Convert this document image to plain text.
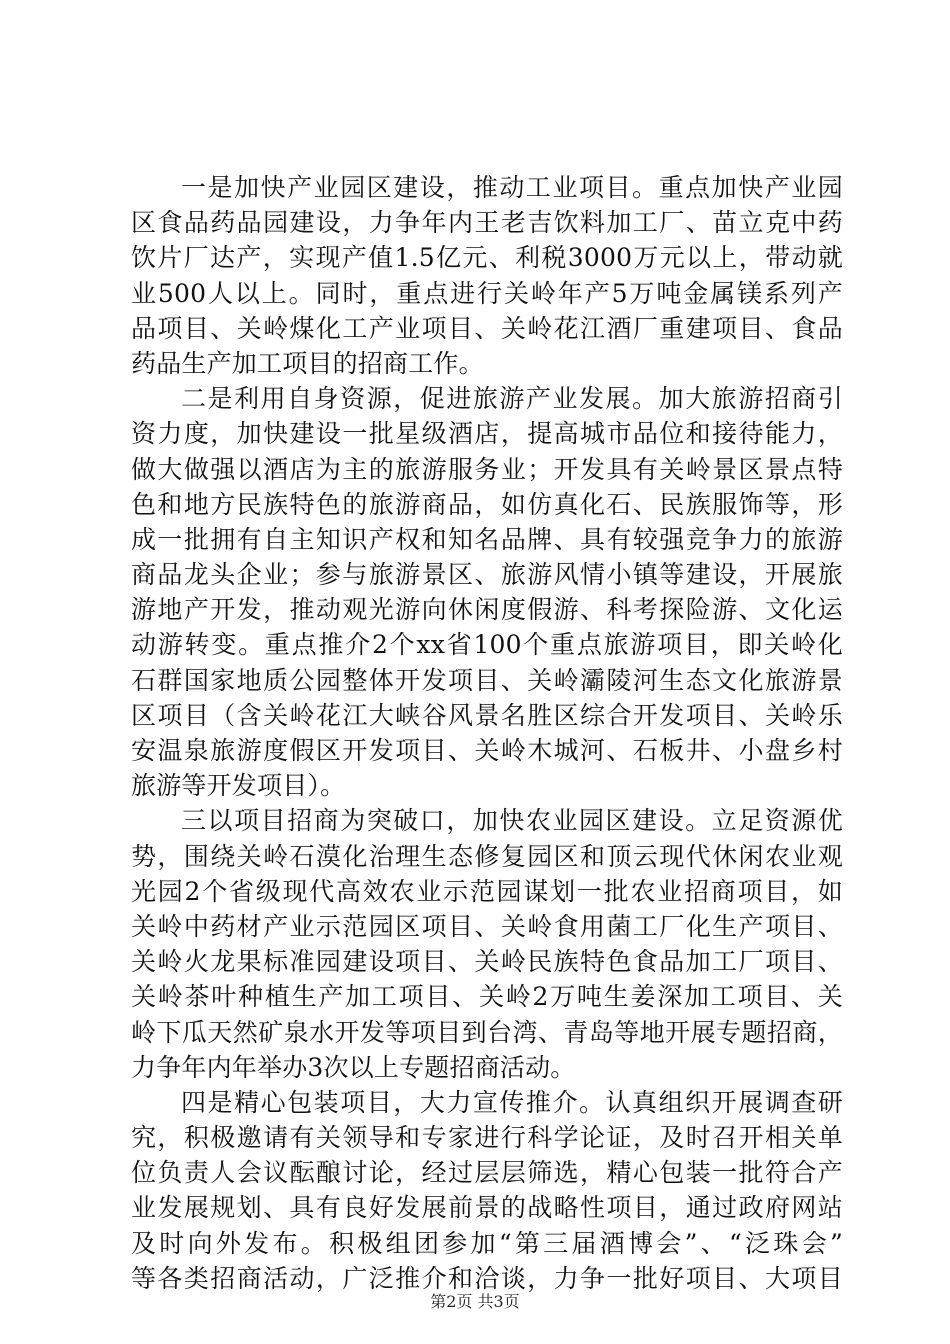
一是加快产业园区建设，推动工业项目。重点加快产业园
区食品药品园建设，力争年内王老吉饮料加工厂、苗立克中药
饮片厂达产，实现产值1.5亿元、利税3000万元以上，带动就
业500人以上。同时，重点进行关岭年产5万吨金属镁系列产
品项目、关岭煤化工产业项目、关岭花江酒厂重建项目、食品
药品生产加工项目的招商工作。
二是利用自身资源，促进旅游产业发展。加大旅游招商引
资力度，加快建设一批星级酒店，提高城市品位和接待能力，
做大做强以酒店为主的旅游服务业；开发具有关岭景区景点特
色和地方民族特色的旅游商品，如仿真化石、民族服饰等，形
成一批拥有自主知识产权和知名品牌、具有较强竞争力的旅游
商品龙头企业；参与旅游景区、旅游风情小镇等建设，开展旅
游地产开发，推动观光游向休闲度假游、科考探险游、文化运
动游转变。重点推介2个xx省100个重点旅游项目，即关岭化
石群国家地质公园整体开发项目、关岭灞陵河生态文化旅游景
区项目（含关岭花江大峡谷风景名胜区综合开发项目、关岭乐
安温泉旅游度假区开发项目、关岭木城河、石板井、小盘乡村
旅游等开发项目）。
三以项目招商为突破口，加快农业园区建设。立足资源优
势，围绕关岭石漠化治理生态修复园区和顶云现代休闲农业观
光园2个省级现代高效农业示范园谋划一批农业招商项目，如
关岭中药材产业示范园区项目、关岭食用菌工厂化生产项目、
关岭火龙果标准园建设项目、关岭民族特色食品加工厂项目、
关岭茶叶种植生产加工项目、关岭2万吨生姜深加工项目、关
岭下瓜天然矿泉水开发等项目到台湾、青岛等地开展专题招商，
力争年内年举办3次以上专题招商活动。
四是精心包装项目，大力宣传推介。认真组织开展调查研
究，积极邀请有关领导和专家进行科学论证，及时召开相关单
位负责人会议酝酿讨论，经过层层筛选，精心包装一批符合产
业发展规划、具有良好发展前景的战略性项目，通过政府网站
及时向外发布。积极组团参加“第三届酒博会”、“泛珠会”
等各类招商活动，广泛推介和洽谈，力争一批好项目、大项目
第2页 共3页
